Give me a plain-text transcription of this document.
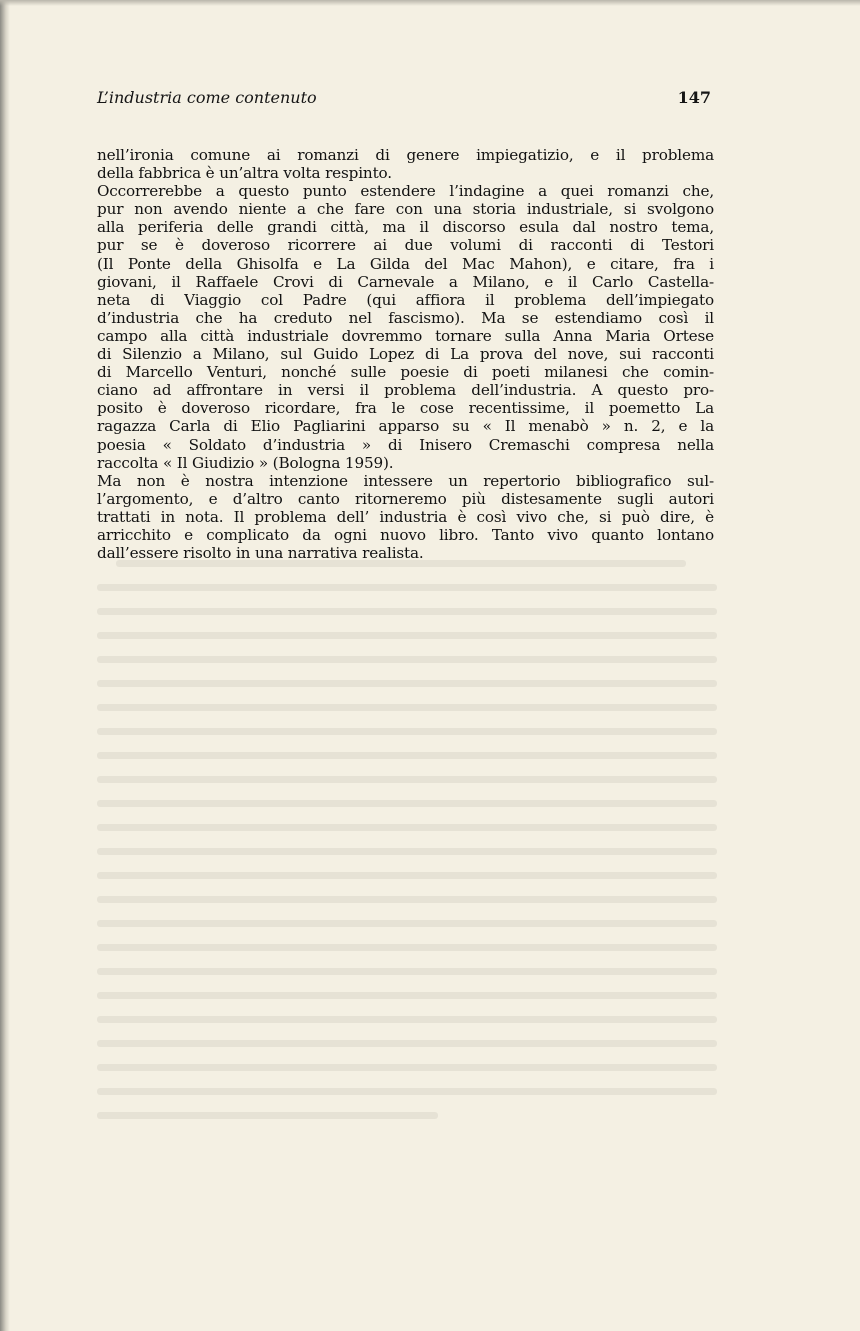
L’industria come contenuto	147
nell’ironia comune ai romanzi di genere impiegatizio, e il problema
della fabbrica è un’altra volta respinto.
Occorrerebbe a questo punto estendere l’indagine a quei romanzi che,
pur non avendo niente a che fare con una storia industriale, si svolgono
alla periferia delle grandi città, ma il discorso esula dal nostro tema,
pur se è doveroso ricorrere ai due volumi di racconti di Testori
(Il Ponte della Ghisolfa e La Gilda del Mac Mahon), e citare, fra i
giovani, il Raffaele Crovi di Carnevale a Milano, e il Carlo Castella-
neta di Viaggio col Padre (qui affiora il problema dell’impiegato
d’industria che ha creduto nel fascismo). Ma se estendiamo così il
campo alla città industriale dovremmo tornare sulla Anna Maria Ortese
di Silenzio a Milano, sul Guido Lopez di La prova del nove, sui racconti
di Marcello Venturi, nonché sulle poesie di poeti milanesi che comin-
ciano ad affrontare in versi il problema dell’industria. A questo pro-
posito è doveroso ricordare, fra le cose recentissime, il poemetto La
ragazza Carla di Elio Pagliarini apparso su « Il menabò » n. 2, e la
poesia « Soldato d’industria » di Inisero Cremaschi compresa nella
raccolta « Il Giudizio » (Bologna 1959).
Ma non è nostra intenzione intessere un repertorio bibliografico sul-
l’argomento, e d’altro canto ritorneremo più distesamente sugli autori
trattati in nota. Il problema dell’ industria è così vivo che, si può dire, è
arricchito e complicato da ogni nuovo libro. Tanto vivo quanto lontano
dall’essere risolto in una narrativa realista.
